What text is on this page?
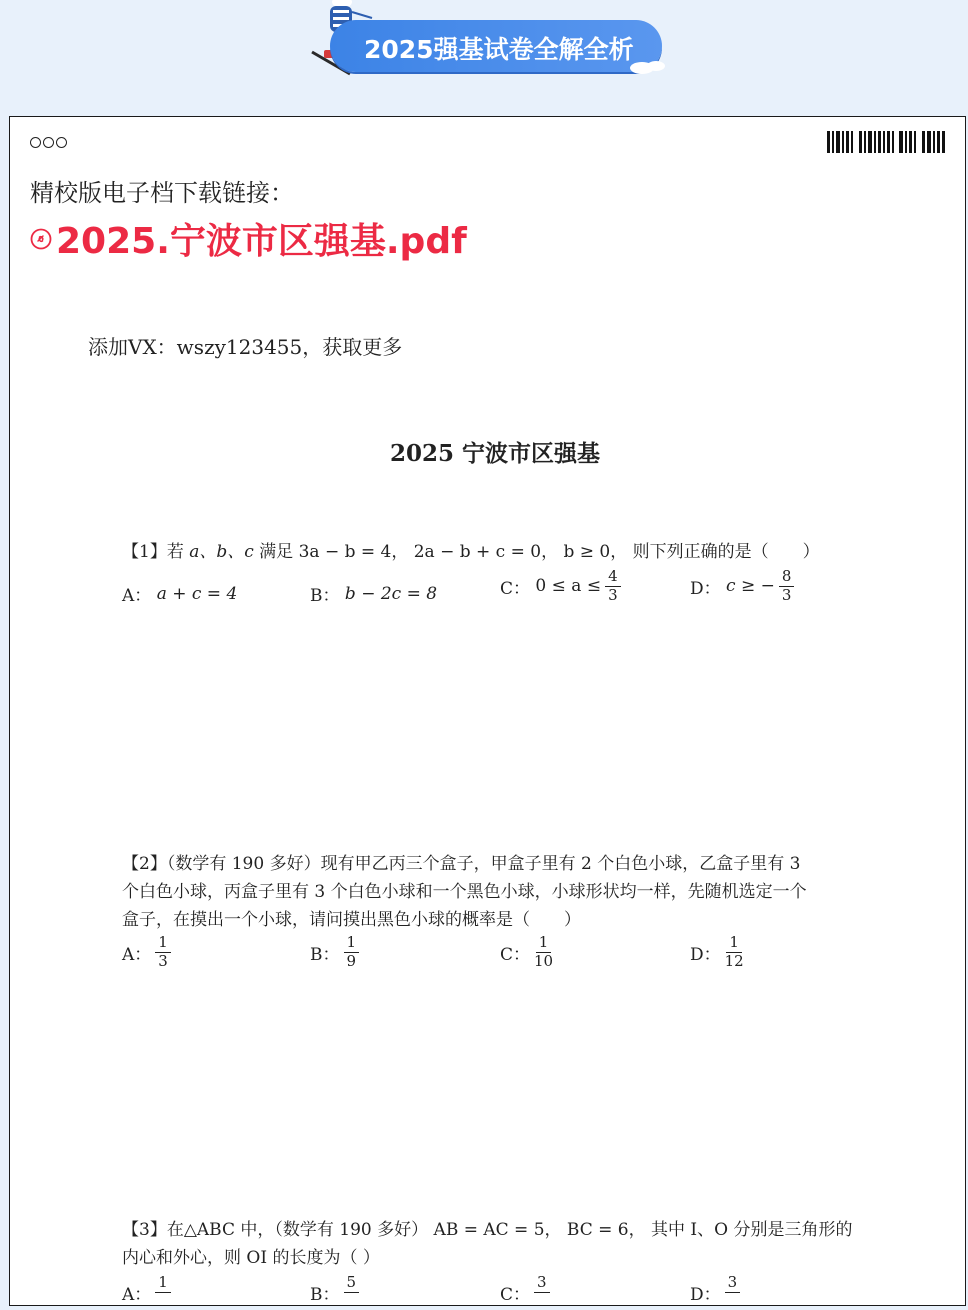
2025强基试卷全解全析
精校版电子档下载链接：
2025.宁波市区强基.pdf
添加VX：wszy123455，获取更多
2025 宁波市区强基
【1】若 a、b、c 满足 3a − b = 4， 2a − b + c = 0， b ≥ 0， 则下列正确的是（　　）
A：
a + c = 4	B：
b − 2c = 8	C：
$0 \le a \le \frac{4}{3}$	D：
c ≥ − $\frac{8}{3}$
【2】（数学有 190 多好）现有甲乙丙三个盒子，甲盒子里有 2 个白色小球，乙盒子里有 3
个白色小球，丙盒子里有 3 个白色小球和一个黑色小球，小球形状均一样，先随机选定一个
盒子，在摸出一个小球，请问摸出黑色小球的概率是（　　）
A： $\frac{1}{3}$	B： $\frac{1}{9}$	C： $\frac{1}{10}$	D： $\frac{1}{12}$
【3】在△ABC 中，（数学有 190 多好） AB = AC = 5， BC = 6， 其中 I、O 分别是三角形的
内心和外心，则 OI 的长度为（ ）
A：
1

B：
5

C：
3

D：
3
